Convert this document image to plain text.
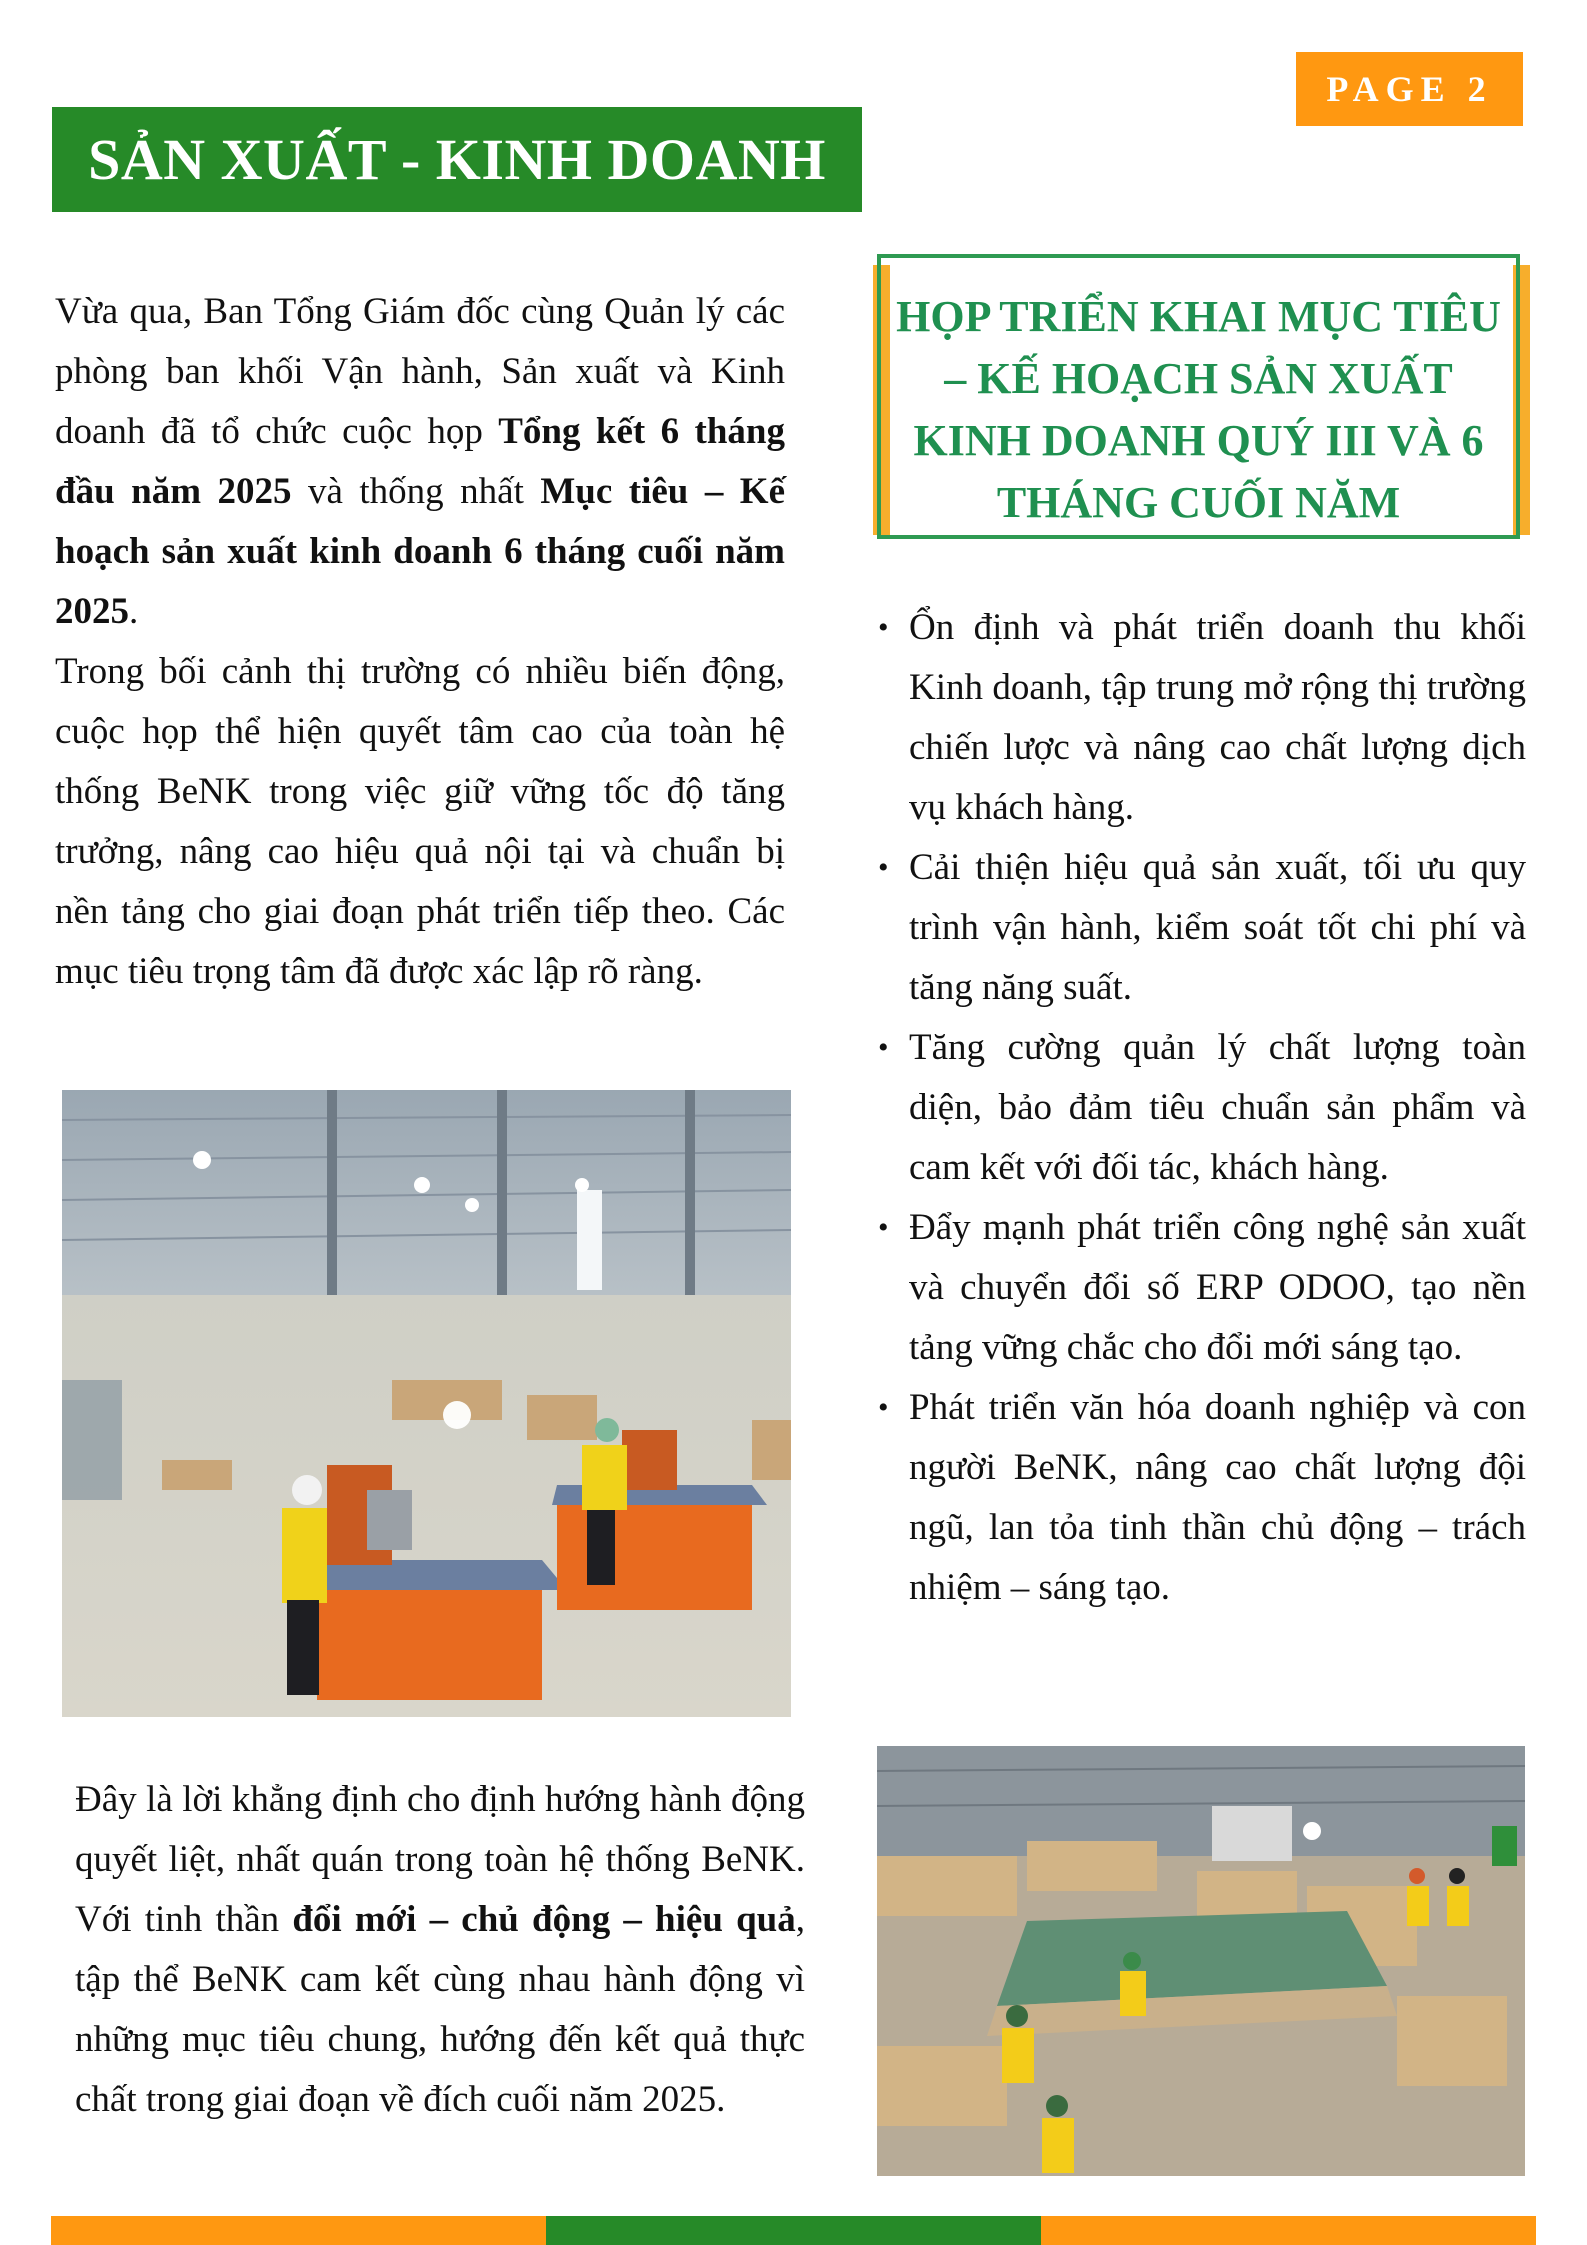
PAGE 2
SẢN XUẤT - KINH DOANH

Vừa qua, Ban Tổng Giám đốc cùng Quản lý các phòng ban khối Vận hành, Sản xuất và Kinh doanh đã tổ chức cuộc họp Tổng kết 6 tháng đầu năm 2025 và thống nhất Mục tiêu – Kế hoạch sản xuất kinh doanh 6 tháng cuối năm 2025.

Trong bối cảnh thị trường có nhiều biến động, cuộc họp thể hiện quyết tâm cao của toàn hệ thống BeNK trong việc giữ vững tốc độ tăng trưởng, nâng cao hiệu quả nội tại và chuẩn bị nền tảng cho giai đoạn phát triển tiếp theo. Các mục tiêu trọng tâm đã được xác lập rõ ràng.

HỌP TRIỂN KHAI MỤC TIÊU – KẾ HOẠCH SẢN XUẤT KINH DOANH QUÝ III VÀ 6 THÁNG CUỐI NĂM
• Ổn định và phát triển doanh thu khối Kinh doanh, tập trung mở rộng thị trường chiến lược và nâng cao chất lượng dịch vụ khách hàng.
• Cải thiện hiệu quả sản xuất, tối ưu quy trình vận hành, kiểm soát tốt chi phí và tăng năng suất.
• Tăng cường quản lý chất lượng toàn diện, bảo đảm tiêu chuẩn sản phẩm và cam kết với đối tác, khách hàng.
• Đẩy mạnh phát triển công nghệ sản xuất và chuyển đổi số ERP ODOO, tạo nền tảng vững chắc cho đổi mới sáng tạo.
• Phát triển văn hóa doanh nghiệp và con người BeNK, nâng cao chất lượng đội ngũ, lan tỏa tinh thần chủ động – trách nhiệm – sáng tạo.

Đây là lời khẳng định cho định hướng hành động quyết liệt, nhất quán trong toàn hệ thống BeNK. Với tinh thần đổi mới – chủ động – hiệu quả, tập thể BeNK cam kết cùng nhau hành động vì những mục tiêu chung, hướng đến kết quả thực chất trong giai đoạn về đích cuối năm 2025.
